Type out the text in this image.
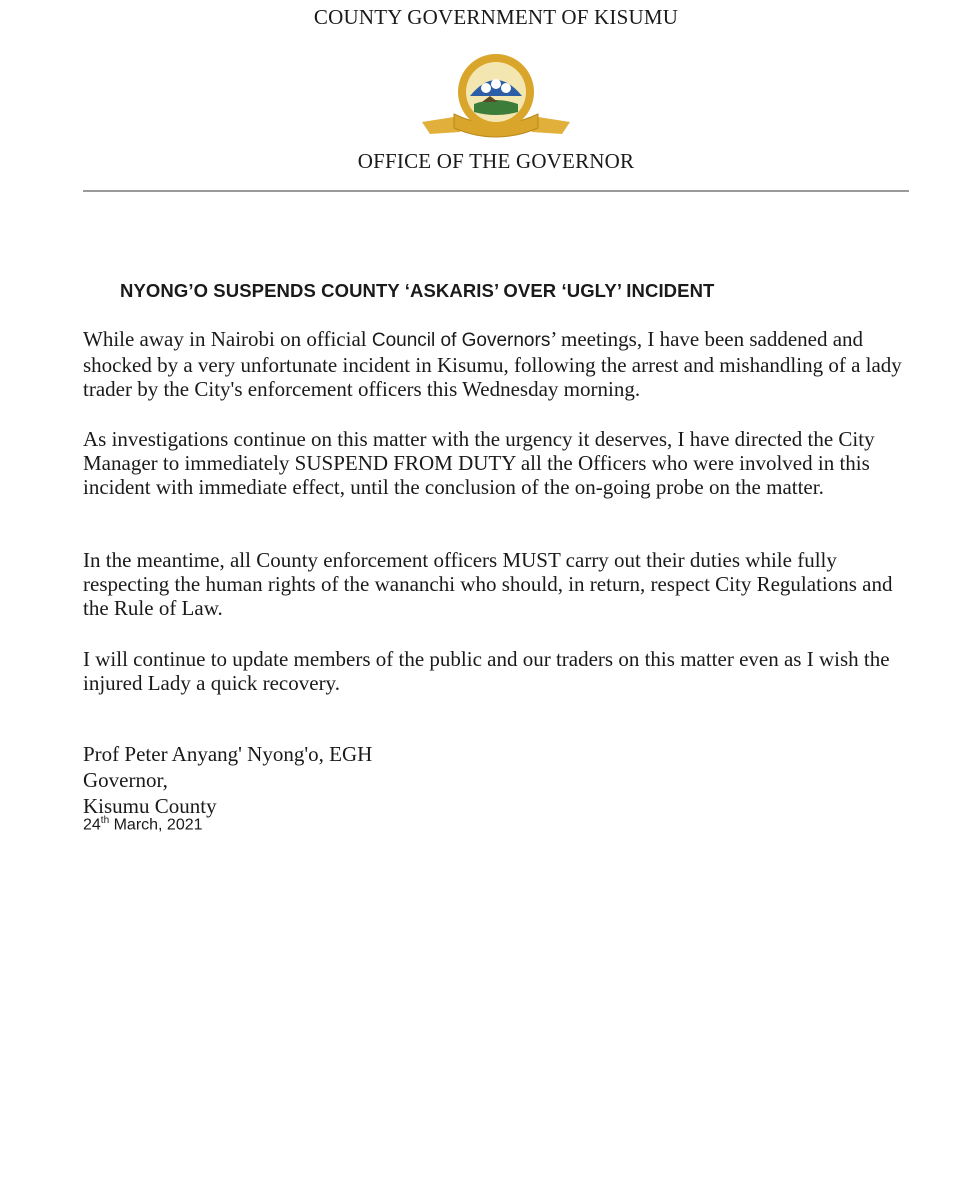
COUNTY GOVERNMENT OF KISUMU
OFFICE OF THE GOVERNOR
NYONG’O SUSPENDS COUNTY ‘ASKARIS’ OVER ‘UGLY’ INCIDENT

While away in Nairobi on official Council of Governors’ meetings, I have been saddened and shocked by a very unfortunate incident in Kisumu, following the arrest and mishandling of a lady trader by the City's enforcement officers this Wednesday morning.

As investigations continue on this matter with the urgency it deserves, I have directed the City Manager to immediately SUSPEND FROM DUTY all the Officers who were involved in this incident with immediate effect, until the conclusion of the on-going probe on the matter.

In the meantime, all County enforcement officers MUST carry out their duties while fully respecting the human rights of the wananchi who should, in return, respect City Regulations and the Rule of Law.

I will continue to update members of the public and our traders on this matter even as I wish the injured Lady a quick recovery.

Prof Peter Anyang' Nyong'o, EGH
Governor,
Kisumu County
24th March, 2021
